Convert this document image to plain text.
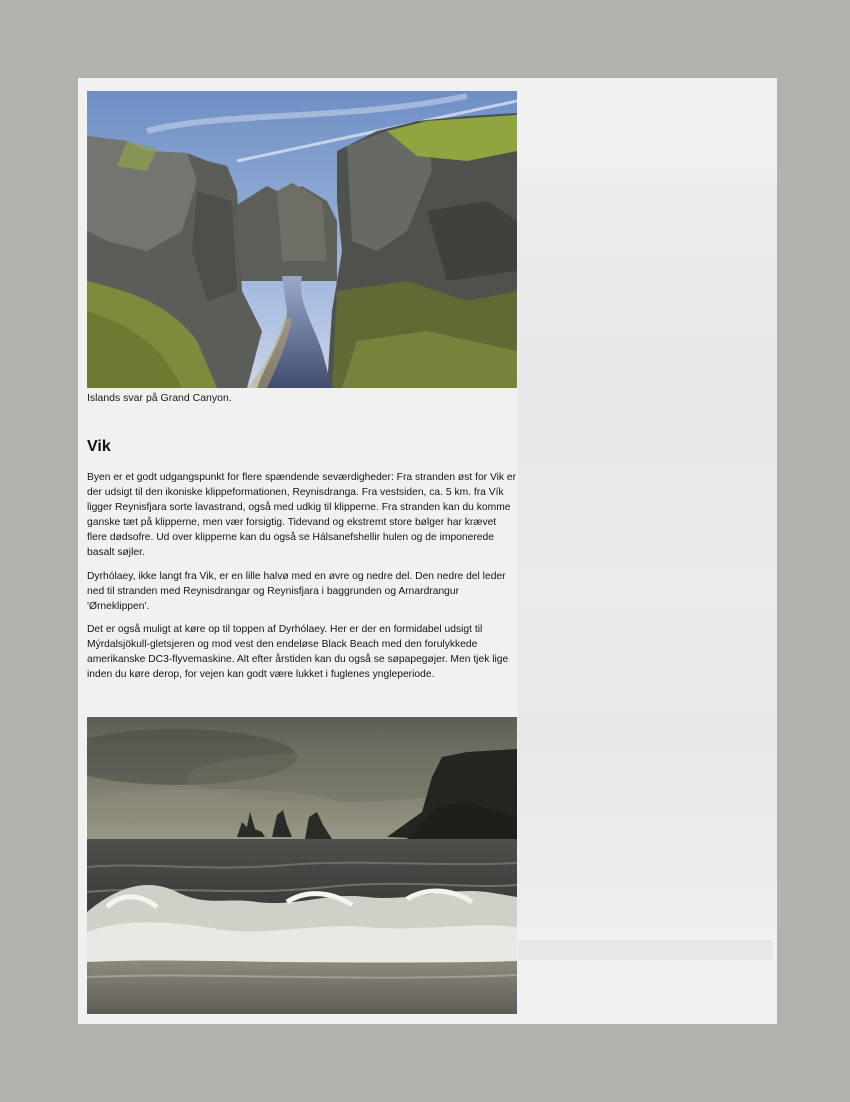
Islands svar på Grand Canyon.
Vik

Byen er et godt udgangspunkt for flere spændende seværdigheder: Fra stranden øst for Vik er der udsigt til den ikoniske klippeformationen, Reynisdranga. Fra vestsiden, ca. 5 km. fra Vík ligger Reynisfjara sorte lavastrand, også med udkig til klipperne. Fra stranden kan du komme ganske tæt på klipperne, men vær forsigtig. Tidevand og ekstremt store bølger har krævet flere dødsofre. Ud over klipperne kan du også se Hálsanefshellir hulen og de imponerede basalt søjler.

Dyrhólaey, ikke langt fra Vik, er en lille halvø med en øvre og nedre del. Den nedre del leder ned til stranden med Reynisdrangar og Reynisfjara i baggrunden og Arnardrangur 'Ørneklippen'.

Det er også muligt at køre op til toppen af Dyrhólaey. Her er der en formidabel udsigt til Mýrdalsjökull-gletsjeren og mod vest den endeløse Black Beach med den forulykkede amerikanske DC3-flyvemaskine. Alt efter årstiden kan du også se søpapegøjer. Men tjek lige inden du køre derop, for vejen kan godt være lukket i fuglenes yngleperiode.
